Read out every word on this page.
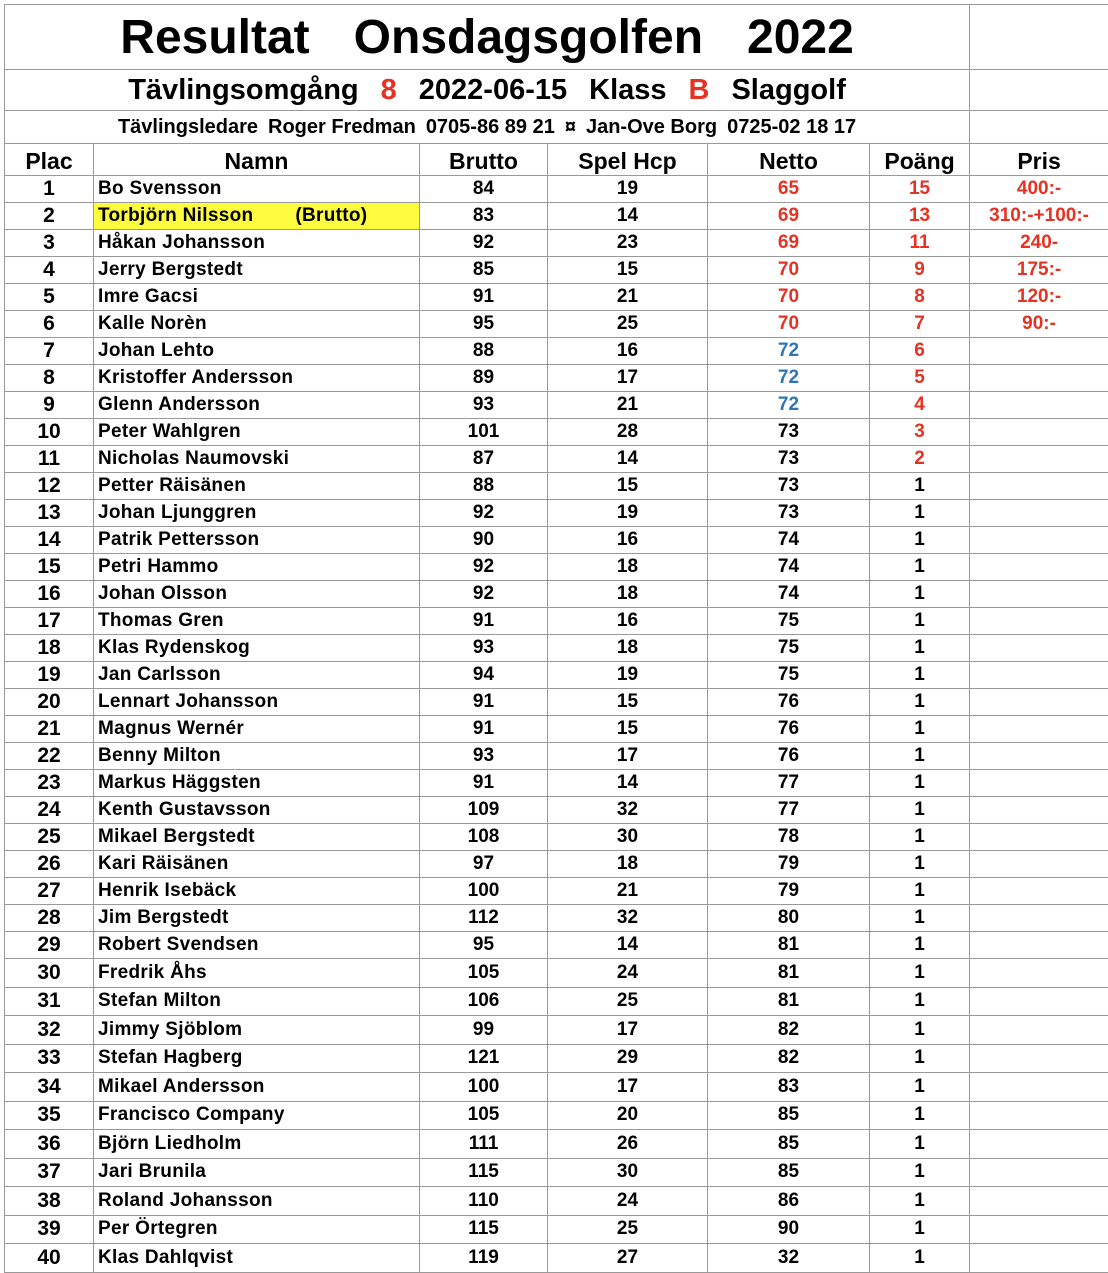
Resultat Onsdagsgolfen 2022						
Tävlingsomgång 8 2022-06-15 Klass B Slaggolf						
Tävlingsledare Roger Fredman 0705-86 89 21 ¤ Jan-Ove Borg 0725-02 18 17						
Plac	Namn	Brutto	Spel Hcp	Netto	Poäng	Pris
1	Bo Svensson	84	19	65	15	400:-
2	Torbjörn Nilsson (Brutto)	83	14	69	13	310:-+100:-
3	Håkan Johansson	92	23	69	11	240-
4	Jerry Bergstedt	85	15	70	9	175:-
5	Imre Gacsi	91	21	70	8	120:-
6	Kalle Norèn	95	25	70	7	90:-
7	Johan Lehto	88	16	72	6	
8	Kristoffer Andersson	89	17	72	5	
9	Glenn Andersson	93	21	72	4	
10	Peter Wahlgren	101	28	73	3	
11	Nicholas Naumovski	87	14	73	2	
12	Petter Räisänen	88	15	73	1	
13	Johan Ljunggren	92	19	73	1	
14	Patrik Pettersson	90	16	74	1	
15	Petri Hammo	92	18	74	1	
16	Johan Olsson	92	18	74	1	
17	Thomas Gren	91	16	75	1	
18	Klas Rydenskog	93	18	75	1	
19	Jan Carlsson	94	19	75	1	
20	Lennart Johansson	91	15	76	1	
21	Magnus Wernér	91	15	76	1	
22	Benny Milton	93	17	76	1	
23	Markus Häggsten	91	14	77	1	
24	Kenth Gustavsson	109	32	77	1	
25	Mikael Bergstedt	108	30	78	1	
26	Kari Räisänen	97	18	79	1	
27	Henrik Isebäck	100	21	79	1	
28	Jim Bergstedt	112	32	80	1	
29	Robert Svendsen	95	14	81	1	
30	Fredrik Åhs	105	24	81	1	
31	Stefan Milton	106	25	81	1	
32	Jimmy Sjöblom	99	17	82	1	
33	Stefan Hagberg	121	29	82	1	
34	Mikael Andersson	100	17	83	1	
35	Francisco Company	105	20	85	1	
36	Björn Liedholm	111	26	85	1	
37	Jari Brunila	115	30	85	1	
38	Roland Johansson	110	24	86	1	
39	Per Örtegren	115	25	90	1	
40	Klas Dahlqvist	119	27	32	1	
